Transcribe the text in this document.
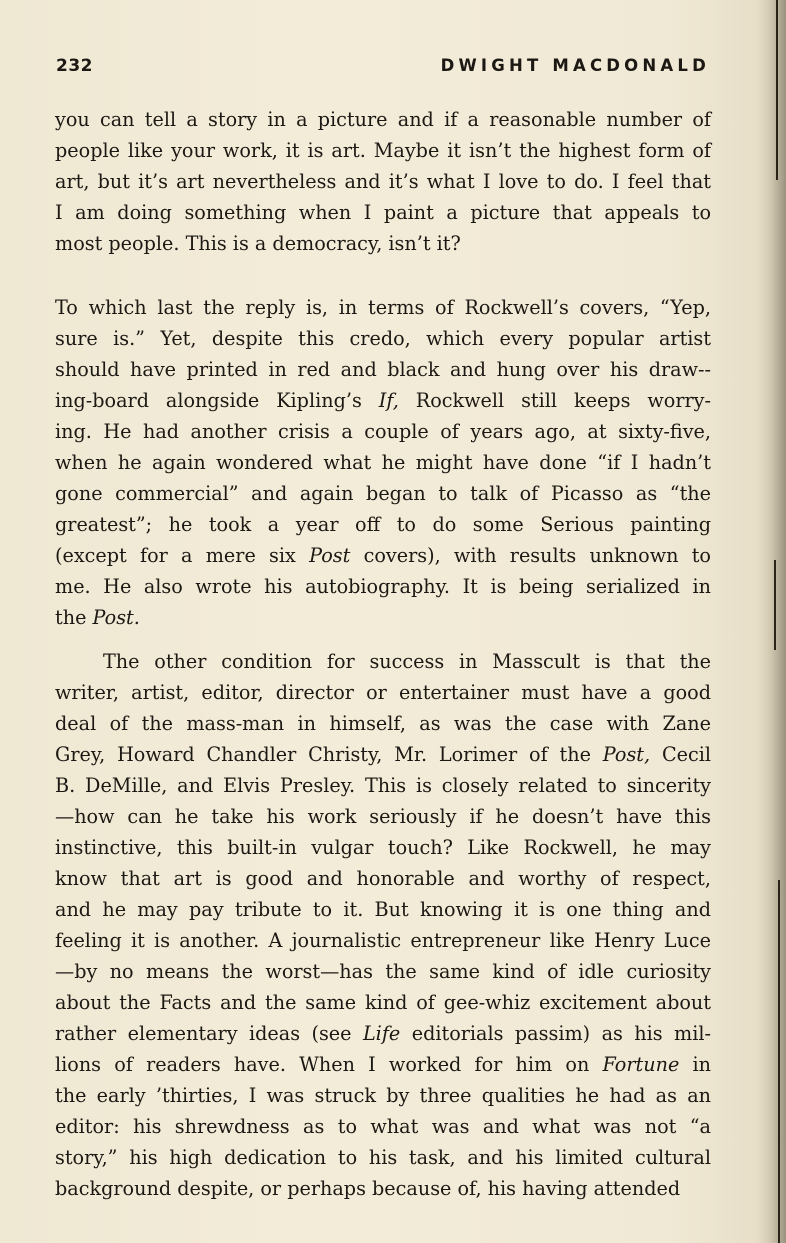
232	DWIGHT MACDONALD

you can tell a story in a picture and if a reasonable number of
people like your work, it is art. Maybe it isn’t the highest form of
art, but it’s art nevertheless and it’s what I love to do. I feel that
I am doing something when I paint a picture that appeals to
most people. This is a democracy, isn’t it?

To which last the reply is, in terms of Rockwell’s covers, “Yep,
sure is.” Yet, despite this credo, which every popular artist
should have printed in red and black and hung over his draw--
ing-board alongside Kipling’s If, Rockwell still keeps worry-
ing. He had another crisis a couple of years ago, at sixty-five,
when he again wondered what he might have done “if I hadn’t
gone commercial” and again began to talk of Picasso as “the
greatest”; he took a year off to do some Serious painting
(except for a mere six Post covers), with results unknown to
me. He also wrote his autobiography. It is being serialized in
the Post.

The other condition for success in Masscult is that the
writer, artist, editor, director or entertainer must have a good
deal of the mass-man in himself, as was the case with Zane
Grey, Howard Chandler Christy, Mr. Lorimer of the Post, Cecil
B. DeMille, and Elvis Presley. This is closely related to sincerity
—how can he take his work seriously if he doesn’t have this
instinctive, this built-in vulgar touch? Like Rockwell, he may
know that art is good and honorable and worthy of respect,
and he may pay tribute to it. But knowing it is one thing and
feeling it is another. A journalistic entrepreneur like Henry Luce
—by no means the worst—has the same kind of idle curiosity
about the Facts and the same kind of gee-whiz excitement about
rather elementary ideas (see Life editorials passim) as his mil-
lions of readers have. When I worked for him on Fortune in
the early ’thirties, I was struck by three qualities he had as an
editor: his shrewdness as to what was and what was not “a
story,” his high dedication to his task, and his limited cultural
background despite, or perhaps because of, his having attended
